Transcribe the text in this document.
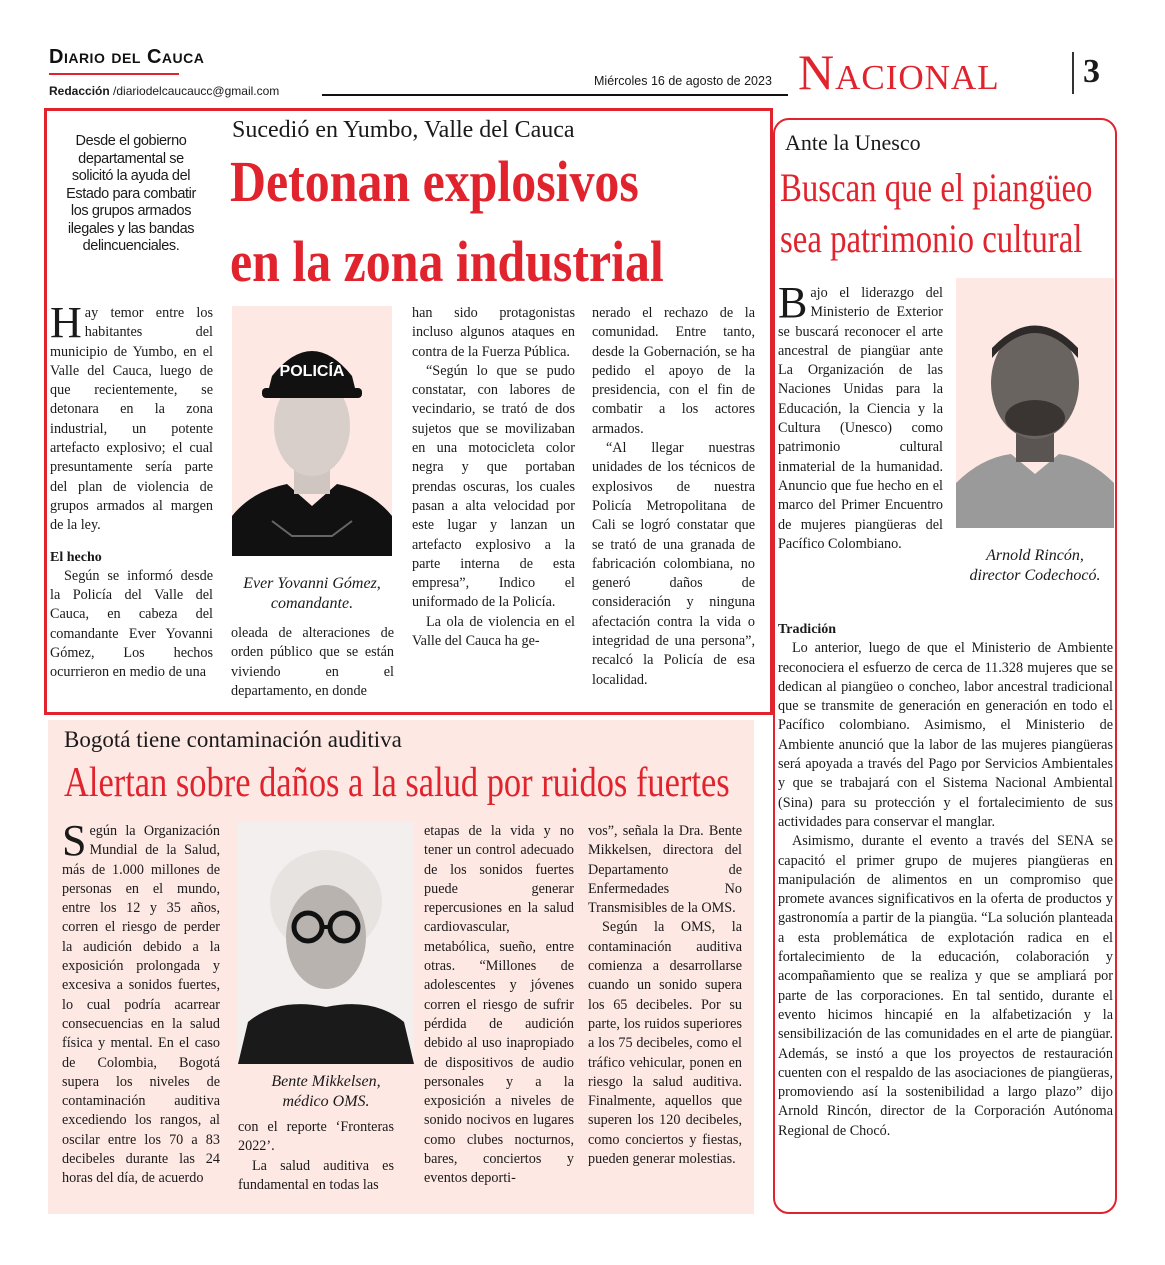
Diario del Cauca
Redacción /diariodelcaucaucc@gmail.com
Miércoles 16 de agosto de 2023 Nacional 3
Sucedió en Yumbo, Valle del Cauca
Detonan explosivos
en la zona industrial
Desde el gobierno departamental se solicitó la ayuda del Estado para combatir los grupos armados ilegales y las bandas delincuenciales.

Hay temor entre los habitantes del municipio de Yumbo, en el Valle del Cauca, luego de que recientemente, se detonara en la zona industrial, un potente artefacto explosivo; el cual presuntamente sería parte del plan de violencia de grupos armados al margen de la ley.

El hecho

Según se informó desde la Policía del Valle del Cauca, en cabeza del comandante Ever Yovanni Gómez, Los hechos ocurrieron en medio de una

POLICÍA
Ever Yovanni Gómez,
comandante.

oleada de alteraciones de orden público que se están viviendo en el departamento, en donde

han sido protagonistas incluso algunos ataques en contra de la Fuerza Pública.

“Según lo que se pudo constatar, con labores de vecindario, se trató de dos sujetos que se movilizaban en una motocicleta color negra y que portaban prendas oscuras, los cuales pasan a alta velocidad por este lugar y lanzan un artefacto explosivo a la parte interna de esta empresa”, Indico el uniformado de la Policía.

La ola de violencia en el Valle del Cauca ha ge-

nerado el rechazo de la comunidad. Entre tanto, desde la Gobernación, se ha pedido el apoyo de la presidencia, con el fin de combatir a los actores armados.

“Al llegar nuestras unidades de los técnicos de explosivos de nuestra Policía Metropolitana de Cali se logró constatar que se trató de una granada de fabricación colombiana, no generó daños de consideración y ninguna afectación contra la vida o integridad de una persona”, recalcó la Policía de esa localidad.

Ante la Unesco
Buscan que el piangüeo
sea patrimonio cultural

Bajo el liderazgo del Ministerio de Exterior se buscará reconocer el arte ancestral de piangüar ante La Organización de las Naciones Unidas para la Educación, la Ciencia y la Cultura (Unesco) como patrimonio cultural inmaterial de la humanidad. Anuncio que fue hecho en el marco del Primer Encuentro de mujeres piangüeras del Pacífico Colombiano.

Arnold Rincón,
director Codechocó.
Tradición

Lo anterior, luego de que el Ministerio de Ambiente reconociera el esfuerzo de cerca de 11.328 mujeres que se dedican al piangüeo o concheo, labor ancestral tradicional que se transmite de generación en generación en todo el Pacífico colombiano. Asimismo, el Ministerio de Ambiente anunció que la labor de las mujeres piangüeras será apoyada a través del Pago por Servicios Ambientales y que se trabajará con el Sistema Nacional Ambiental (Sina) para su protección y el fortalecimiento de sus actividades para conservar el manglar.

Asimismo, durante el evento a través del SENA se capacitó el primer grupo de mujeres piangüeras en manipulación de alimentos en un compromiso que promete avances significativos en la oferta de productos y gastronomía a partir de la piangüa. “La solución planteada a esta problemática de explotación radica en el fortalecimiento de la educación, colaboración y acompañamiento que se realiza y que se ampliará por parte de las corporaciones. En tal sentido, durante el evento hicimos hincapié en la alfabetización y la sensibilización de las comunidades en el arte de piangüar. Además, se instó a que los proyectos de restauración cuenten con el respaldo de las asociaciones de piangüeras, promoviendo así la sostenibilidad a largo plazo” dijo Arnold Rincón, director de la Corporación Autónoma Regional de Chocó.

Bogotá tiene contaminación auditiva
Alertan sobre daños a la salud por ruidos fuertes

Según la Organización Mundial de la Salud, más de 1.000 millones de personas en el mundo, entre los 12 y 35 años, corren el riesgo de perder la audición debido a la exposición prolongada y excesiva a sonidos fuertes, lo cual podría acarrear consecuencias en la salud física y mental. En el caso de Colombia, Bogotá supera los niveles de contaminación auditiva excediendo los rangos, al oscilar entre los 70 a 83 decibeles durante las 24 horas del día, de acuerdo

Bente Mikkelsen,
médico OMS.

con el reporte ‘Fronteras 2022’.

La salud auditiva es fundamental en todas las

etapas de la vida y no tener un control adecuado de los sonidos fuertes puede generar repercusiones en la salud cardiovascular, metabólica, sueño, entre otras. “Millones de adolescentes y jóvenes corren el riesgo de sufrir pérdida de audición debido al uso inapropiado de dispositivos de audio personales y a la exposición a niveles de sonido nocivos en lugares como clubes nocturnos, bares, conciertos y eventos deporti-

vos”, señala la Dra. Bente Mikkelsen, directora del Departamento de Enfermedades No Transmisibles de la OMS.

Según la OMS, la contaminación auditiva comienza a desarrollarse cuando un sonido supera los 65 decibeles. Por su parte, los ruidos superiores a los 75 decibeles, como el tráfico vehicular, ponen en riesgo la salud auditiva. Finalmente, aquellos que superen los 120 decibeles, como conciertos y fiestas, pueden generar molestias.
